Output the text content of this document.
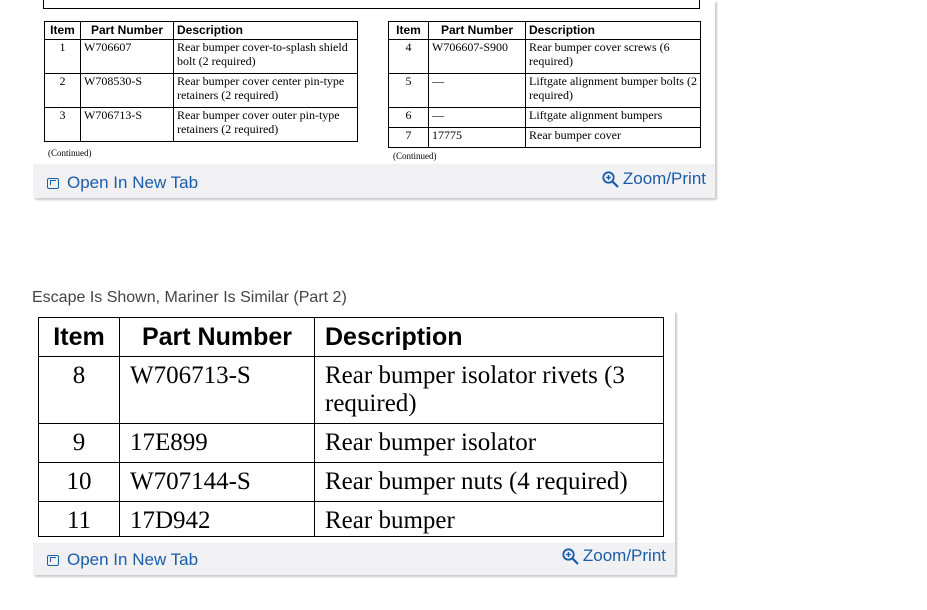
Item	Part Number	Description
1	W706607	Rear bumper cover-to-splash shield bolt (2 required)
2	W708530-S	Rear bumper cover center pin-type retainers (2 required)
3	W706713-S	Rear bumper cover outer pin-type retainers (2 required)
(Continued)
Item	Part Number	Description
4	W706607-S900	Rear bumper cover screws (6 required)
5	—	Liftgate alignment bumper bolts (2 required)
6	—	Liftgate alignment bumpers
7	17775	Rear bumper cover
(Continued)
Open In New Tab	Zoom/Print
Escape Is Shown, Mariner Is Similar (Part 2)
Item	Part Number	Description
8	W706713-S	Rear bumper isolator rivets (3 required)
9	17E899	Rear bumper isolator
10	W707144-S	Rear bumper nuts (4 required)
11	17D942	Rear bumper
Open In New Tab	Zoom/Print
